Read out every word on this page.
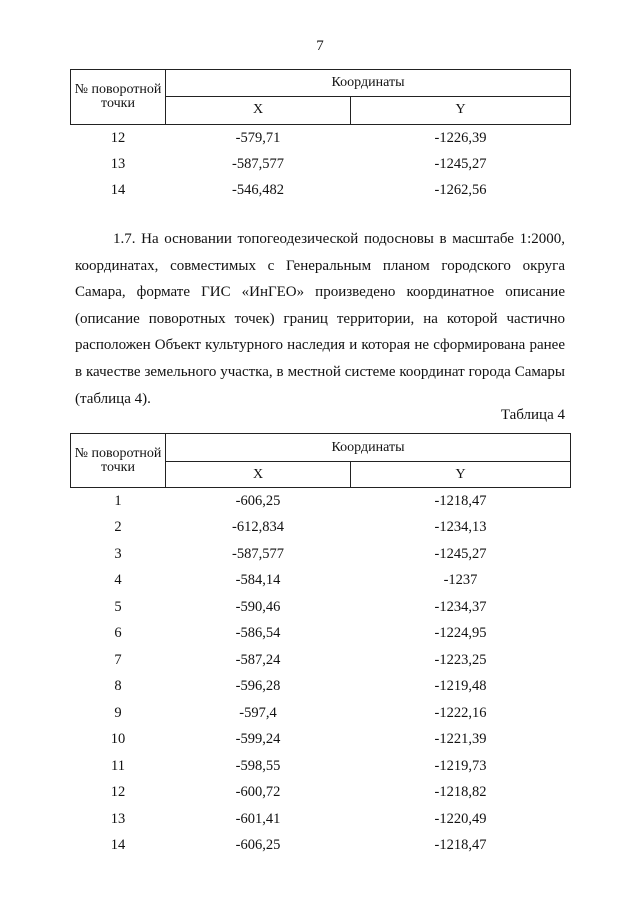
7
№ поворотной точки	Координаты	
	X	Y
12	-579,71	-1226,39
13	-587,577	-1245,27
14	-546,482	-1262,56

1.7. На основании топогеодезической подосновы в масштабе 1:2000, координатах, совместимых с Генеральным планом городского округа Самара, формате ГИС «ИнГЕО» произведено координатное описание (описание поворотных точек) границ территории, на которой частично расположен Объект культурного наследия и которая не сформирована ранее в качестве земельного участка, в местной системе координат города Самары (таблица 4).

Таблица 4
№ поворотной точки	Координаты	
	X	Y
1	-606,25	-1218,47
2	-612,834	-1234,13
3	-587,577	-1245,27
4	-584,14	-1237
5	-590,46	-1234,37
6	-586,54	-1224,95
7	-587,24	-1223,25
8	-596,28	-1219,48
9	-597,4	-1222,16
10	-599,24	-1221,39
11	-598,55	-1219,73
12	-600,72	-1218,82
13	-601,41	-1220,49
14	-606,25	-1218,47
